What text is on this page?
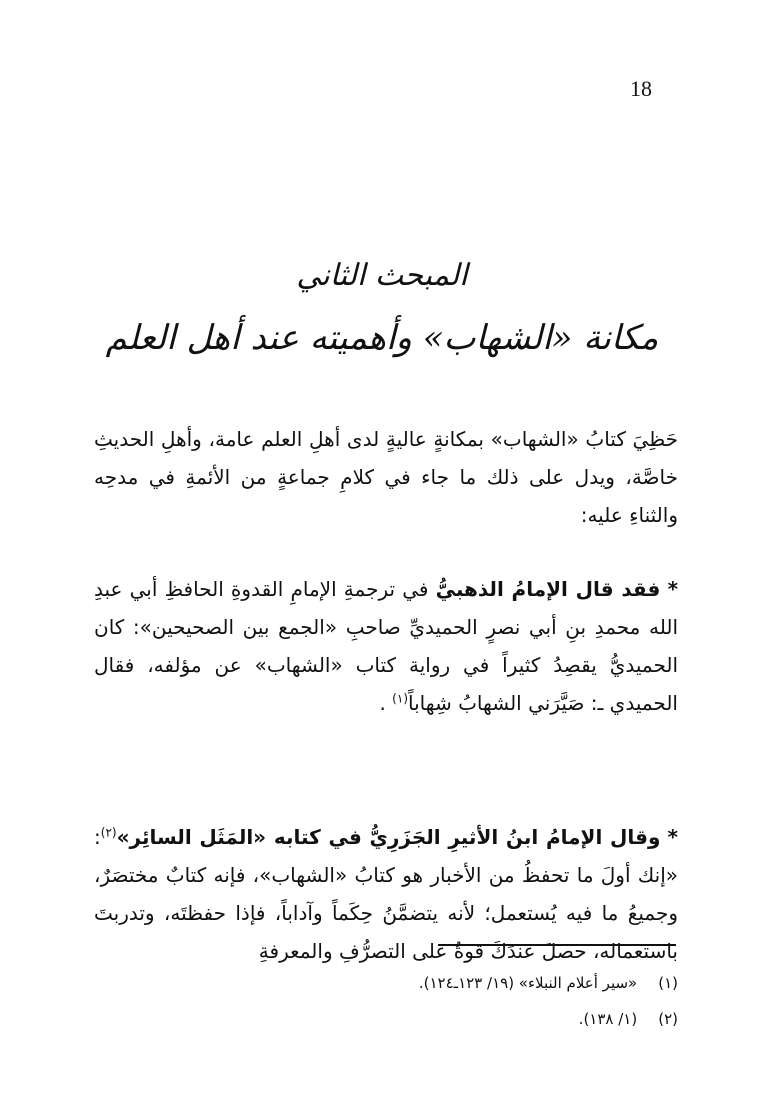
18
المبحث الثاني
مكانة «الشهاب» وأهميته عند أهل العلم
حَظِيَ كتابُ «الشهاب» بمكانةٍ عاليةٍ لدى أهلِ العلم عامة، وأهلِ الحديثِ خاصَّة، ويدل على ذلك ما جاء في كلامِ جماعةٍ من الأئمةِ في مدحِه والثناءِ عليه:
* فقد قال الإمامُ الذهبيُّ في ترجمةِ الإمامِ القدوةِ الحافظِ أبي عبدِ الله محمدِ بنِ أبي نصرٍ الحميديِّ صاحبِ «الجمع بين الصحيحين»: كان الحميديُّ يقصِدُ كثيراً في رواية كتاب «الشهاب» عن مؤلفه، فقال الحميدي ـ: صَيَّرَني الشهابُ شِهاباً$^{(١)}$ .
* وقال الإمامُ ابنُ الأثيرِ الجَزَرِيُّ في كتابه «المَثَل السائِر»$^{(٢)}$: «إنك أولَ ما تحفظُ من الأخبار هو كتابُ «الشهاب»، فإنه كتابٌ مختصَرٌ، وجميعُ ما فيه يُستعمل؛ لأنه يتضمَّنُ حِكَماً وآداباً، فإذا حفظتَه، وتدربتَ باستعماله، حصلَ عندَكَ قوةٌ على التصرُّفِ والمعرفةِ
(١) «سير أعلام النبلاء» (١٩/ ١٢٣ـ١٢٤).
(٢) (١/ ١٣٨).
